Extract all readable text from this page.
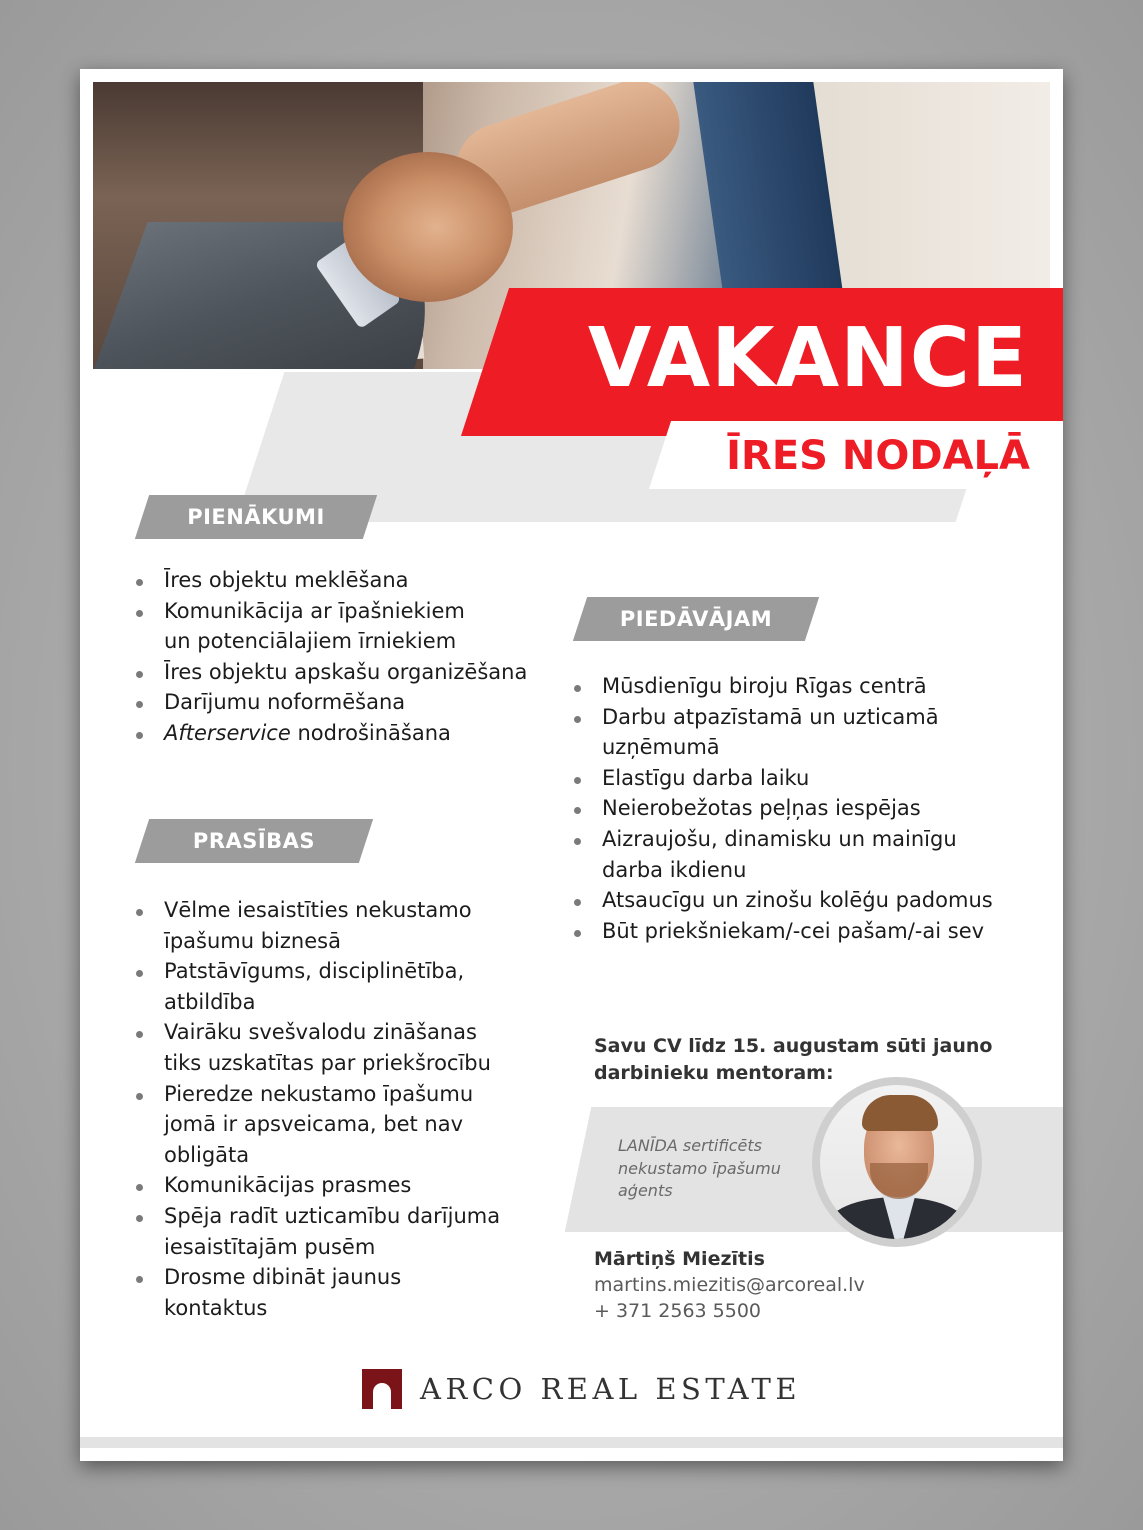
VAKANCE
ĪRES NODAĻĀ
PIENĀKUMI
Īres objektu meklēšana
Komunikācija ar īpašniekiem
un potenciālajiem īrniekiem
Īres objektu apskašu organizēšana
Darījumu noformēšana
Afterservice nodrošināšana
PIEDĀVĀJAM
Mūsdienīgu biroju Rīgas centrā
Darbu atpazīstamā un uzticamā
uzņēmumā
Elastīgu darba laiku
Neierobežotas peļņas iespējas
Aizraujošu, dinamisku un mainīgu
darba ikdienu
Atsaucīgu un zinošu kolēģu padomus
Būt priekšniekam/-cei pašam/-ai sev
PRASĪBAS
Vēlme iesaistīties nekustamo
īpašumu biznesā
Patstāvīgums, disciplinētība,
atbildība
Vairāku svešvalodu zināšanas
tiks uzskatītas par priekšrocību
Pieredze nekustamo īpašumu
jomā ir apsveicama, bet nav
obligāta
Komunikācijas prasmes
Spēja radīt uzticamību darījuma
iesaistītajām pusēm
Drosme dibināt jaunus
kontaktus
Savu CV līdz 15. augustam sūti jauno
darbinieku mentoram:
LANĪDA sertificēts
nekustamo īpašumu
aģents
Mārtiņš Miezītis
martins.miezitis@arcoreal.lv
+ 371 2563 5500
ARCO REAL ESTATE
